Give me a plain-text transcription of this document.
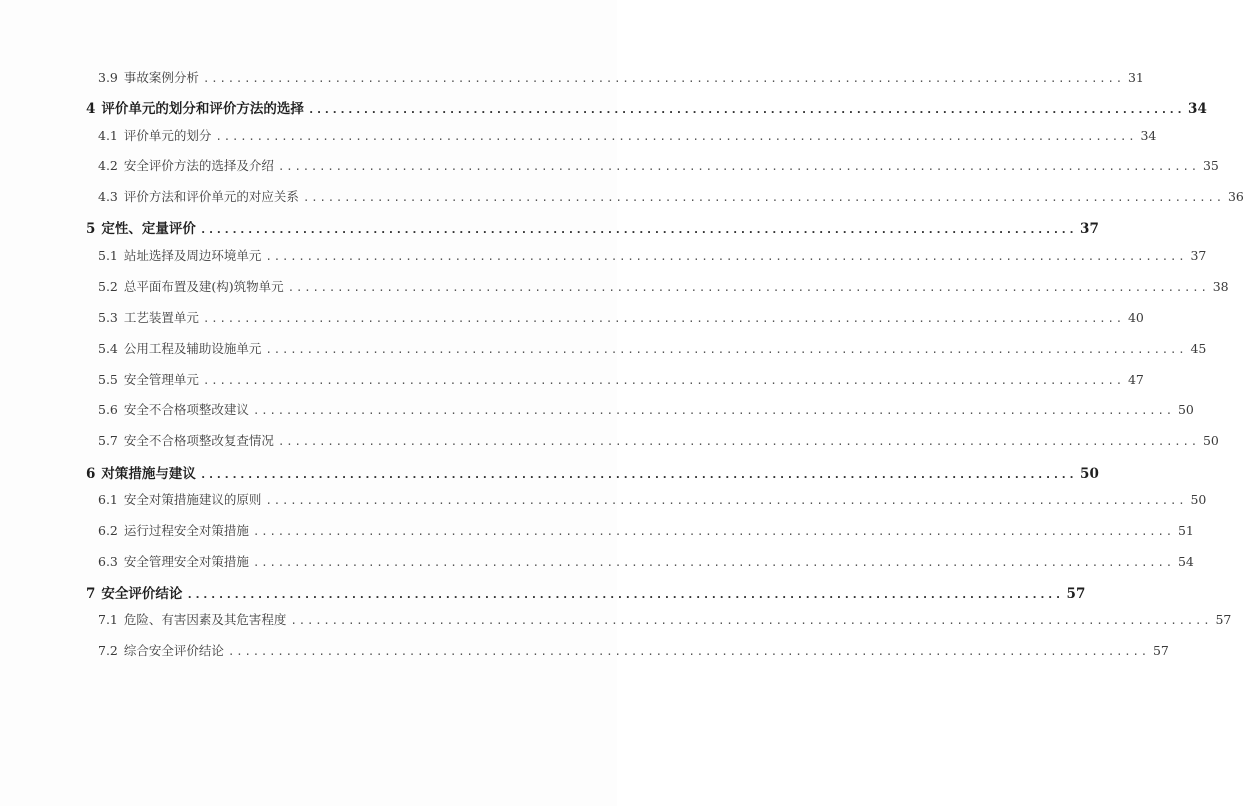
3.9 事故案例分析 ................................................................................................................ 31
4 评价单元的划分和评价方法的选择 ................................................................................................................ 34
4.1 评价单元的划分 ................................................................................................................ 34
4.2 安全评价方法的选择及介绍 ................................................................................................................ 35
4.3 评价方法和评价单元的对应关系 ................................................................................................................ 36
5 定性、定量评价 ................................................................................................................ 37
5.1 站址选择及周边环境单元 ................................................................................................................ 37
5.2 总平面布置及建(构)筑物单元 ................................................................................................................ 38
5.3 工艺装置单元 ................................................................................................................ 40
5.4 公用工程及辅助设施单元 ................................................................................................................ 45
5.5 安全管理单元 ................................................................................................................ 47
5.6 安全不合格项整改建议 ................................................................................................................ 50
5.7 安全不合格项整改复查情况 ................................................................................................................ 50
6 对策措施与建议 ................................................................................................................ 50
6.1 安全对策措施建议的原则 ................................................................................................................ 50
6.2 运行过程安全对策措施 ................................................................................................................ 51
6.3 安全管理安全对策措施 ................................................................................................................ 54
7 安全评价结论 ................................................................................................................ 57
7.1 危险、有害因素及其危害程度 ................................................................................................................ 57
7.2 综合安全评价结论 ................................................................................................................ 57
